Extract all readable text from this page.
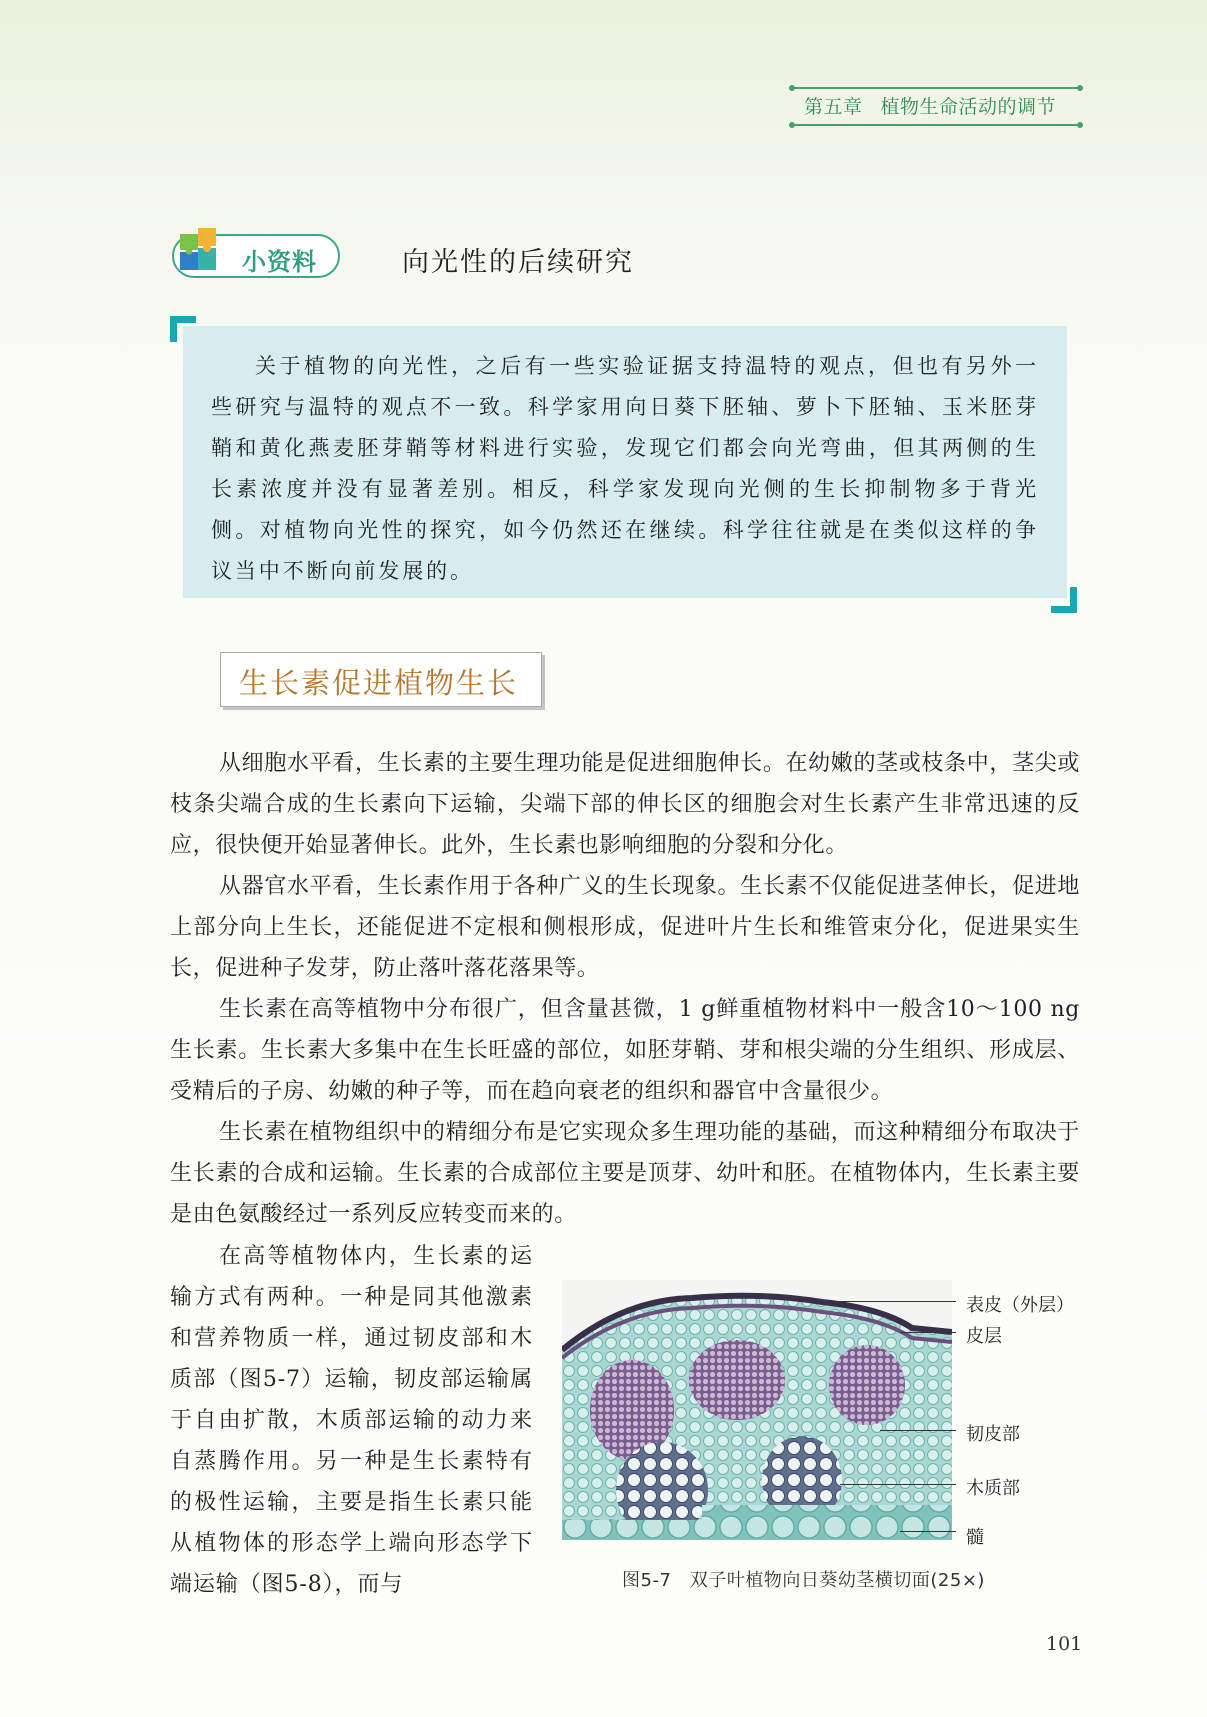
第五章 植物生命活动的调节
小资料	向光性的后续研究

关于植物的向光性，之后有一些实验证据支持温特的观点，但也有另外一些研究与温特的观点不一致。科学家用向日葵下胚轴、萝卜下胚轴、玉米胚芽鞘和黄化燕麦胚芽鞘等材料进行实验，发现它们都会向光弯曲，但其两侧的生长素浓度并没有显著差别。相反，科学家发现向光侧的生长抑制物多于背光侧。对植物向光性的探究，如今仍然还在继续。科学往往就是在类似这样的争议当中不断向前发展的。

生长素促进植物生长

从细胞水平看，生长素的主要生理功能是促进细胞伸长。在幼嫩的茎或枝条中，茎尖或枝条尖端合成的生长素向下运输，尖端下部的伸长区的细胞会对生长素产生非常迅速的反应，很快便开始显著伸长。此外，生长素也影响细胞的分裂和分化。

从器官水平看，生长素作用于各种广义的生长现象。生长素不仅能促进茎伸长，促进地上部分向上生长，还能促进不定根和侧根形成，促进叶片生长和维管束分化，促进果实生长，促进种子发芽，防止落叶落花落果等。

生长素在高等植物中分布很广，但含量甚微，1 g鲜重植物材料中一般含10～100 ng生长素。生长素大多集中在生长旺盛的部位，如胚芽鞘、芽和根尖端的分生组织、形成层、受精后的子房、幼嫩的种子等，而在趋向衰老的组织和器官中含量很少。

生长素在植物组织中的精细分布是它实现众多生理功能的基础，而这种精细分布取决于生长素的合成和运输。生长素的合成部位主要是顶芽、幼叶和胚。在植物体内，生长素主要是由色氨酸经过一系列反应转变而来的。

在高等植物体内，生长素的运输方式有两种。一种是同其他激素和营养物质一样，通过韧皮部和木质部（图5-7）运输，韧皮部运输属于自由扩散，木质部运输的动力来自蒸腾作用。另一种是生长素特有的极性运输，主要是指生长素只能从植物体的形态学上端向形态学下端运输（图5-8），而与

表皮（外层）
皮层
韧皮部
木质部
髓
图5-7　双子叶植物向日葵幼茎横切面(25×)
101
